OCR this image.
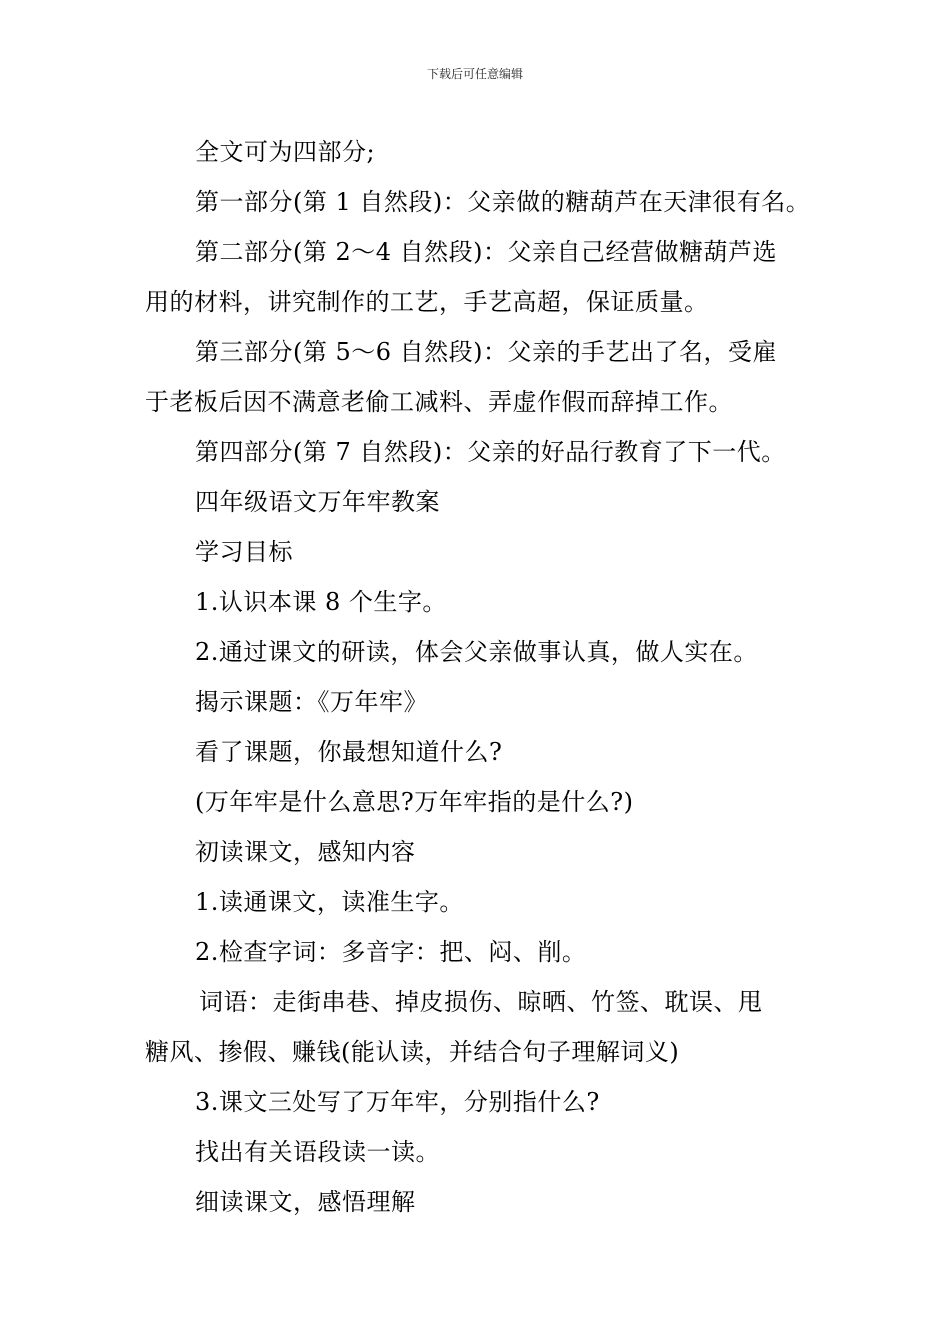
下载后可任意编辑
全文可为四部分;
第一部分(第 1 自然段)：父亲做的糖葫芦在天津很有名。
第二部分(第 2～4 自然段)：父亲自己经营做糖葫芦选
用的材料，讲究制作的工艺，手艺高超，保证质量。
第三部分(第 5～6 自然段)：父亲的手艺出了名，受雇
于老板后因不满意老偷工减料、弄虚作假而辞掉工作。
第四部分(第 7 自然段)：父亲的好品行教育了下一代。
四年级语文万年牢教案
学习目标
1.认识本课 8 个生字。
2.通过课文的研读，体会父亲做事认真，做人实在。
揭示课题：《万年牢》
看了课题，你最想知道什么?
(万年牢是什么意思?万年牢指的是什么?)
初读课文，感知内容
1.读通课文，读准生字。
2.检查字词：多音字：把、闷、削。
词语：走街串巷、掉皮损伤、晾晒、竹签、耽误、甩
糖风、掺假、赚钱(能认读，并结合句子理解词义)
3.课文三处写了万年牢，分别指什么?
找出有关语段读一读。
细读课文，感悟理解
